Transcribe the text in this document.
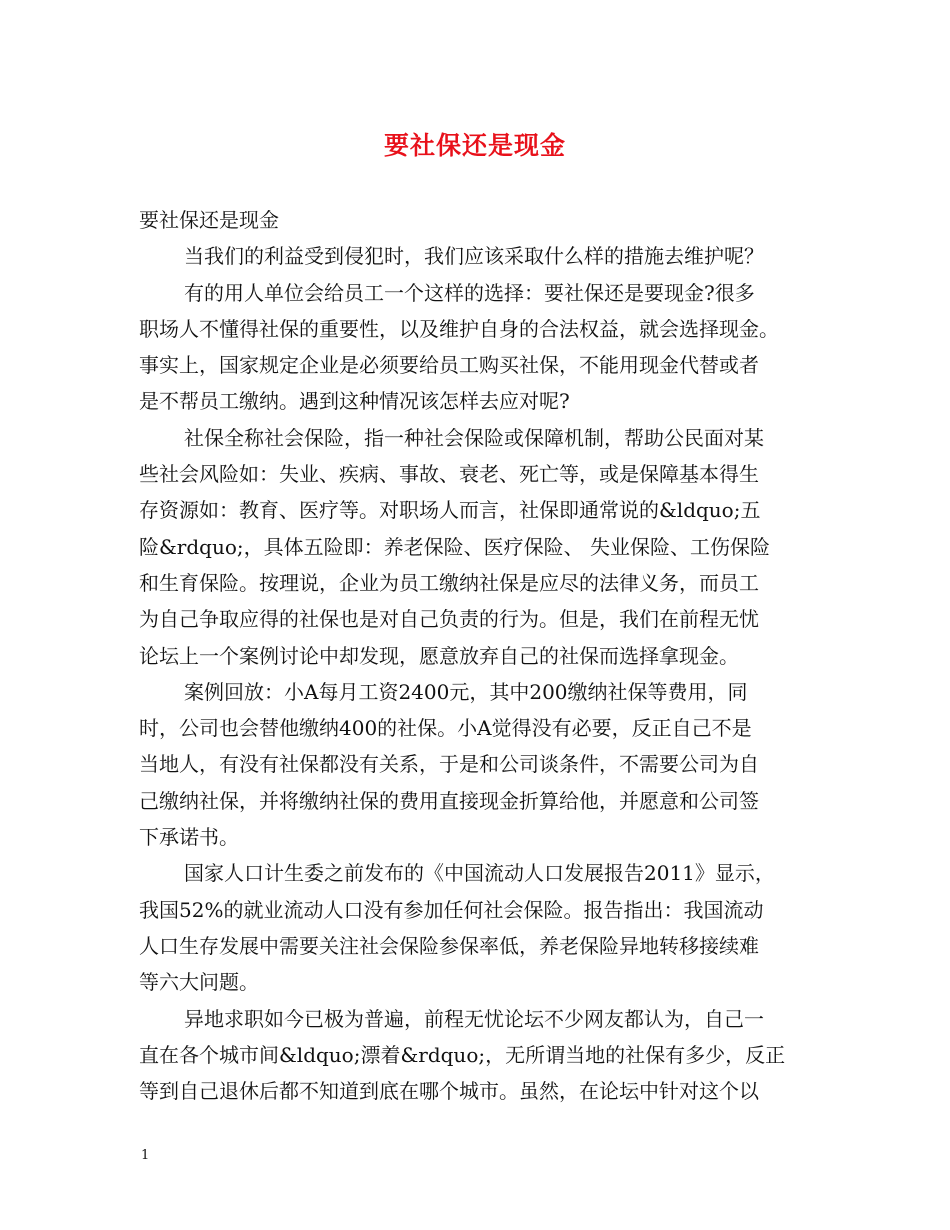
要社保还是现金
要社保还是现金
当我们的利益受到侵犯时，我们应该采取什么样的措施去维护呢？
有的用人单位会给员工一个这样的选择：要社保还是要现金?很多
职场人不懂得社保的重要性，以及维护自身的合法权益，就会选择现金。
事实上，国家规定企业是必须要给员工购买社保，不能用现金代替或者
是不帮员工缴纳。遇到这种情况该怎样去应对呢?
社保全称社会保险，指一种社会保险或保障机制，帮助公民面对某
些社会风险如：失业、疾病、事故、衰老、死亡等，或是保障基本得生
存资源如：教育、医疗等。对职场人而言，社保即通常说的&ldquo;五
险&rdquo;，具体五险即：养老保险、医疗保险、 失业保险、工伤保险
和生育保险。按理说，企业为员工缴纳社保是应尽的法律义务，而员工
为自己争取应得的社保也是对自己负责的行为。但是，我们在前程无忧
论坛上一个案例讨论中却发现，愿意放弃自己的社保而选择拿现金。
案例回放：小A每月工资2400元，其中200缴纳社保等费用，同
时，公司也会替他缴纳400的社保。小A觉得没有必要，反正自己不是
当地人，有没有社保都没有关系，于是和公司谈条件，不需要公司为自
己缴纳社保，并将缴纳社保的费用直接现金折算给他，并愿意和公司签
下承诺书。
国家人口计生委之前发布的《中国流动人口发展报告2011》显示，
我国52%的就业流动人口没有参加任何社会保险。报告指出：我国流动
人口生存发展中需要关注社会保险参保率低，养老保险异地转移接续难
等六大问题。
异地求职如今已极为普遍，前程无忧论坛不少网友都认为，自己一
直在各个城市间&ldquo;漂着&rdquo;，无所谓当地的社保有多少，反正
等到自己退休后都不知道到底在哪个城市。虽然，在论坛中针对这个以
1
